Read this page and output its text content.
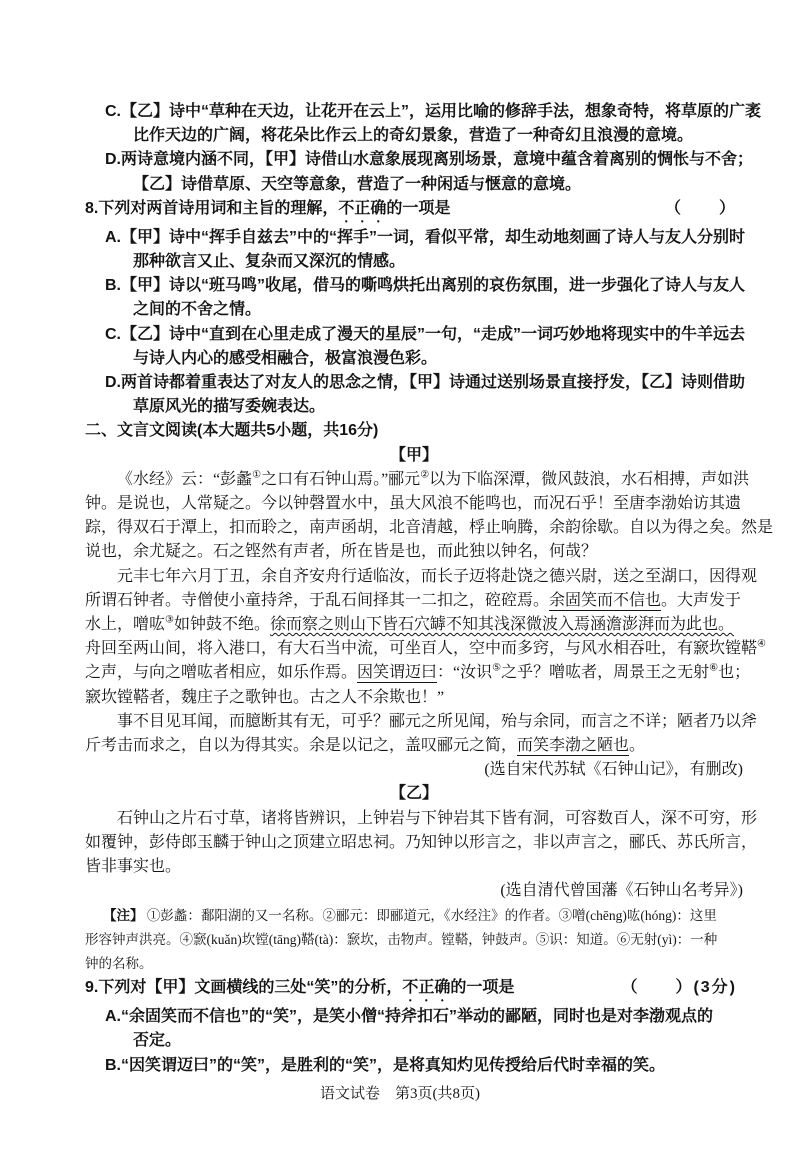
C.【乙】诗中“草种在天边，让花开在云上”，运用比喻的修辞手法，想象奇特，将草原的广袤
比作天边的广阔，将花朵比作云上的奇幻景象，营造了一种奇幻且浪漫的意境。
D.两诗意境内涵不同，【甲】诗借山水意象展现离别场景，意境中蕴含着离别的惆怅与不舍；
【乙】诗借草原、天空等意象，营造了一种闲适与惬意的意境。
8.下列对两首诗用词和主旨的理解，不正确的一项是	（　　）
A.【甲】诗中“挥手自兹去”中的“挥手”一词，看似平常，却生动地刻画了诗人与友人分别时
那种欲言又止、复杂而又深沉的情感。
B.【甲】诗以“班马鸣”收尾，借马的嘶鸣烘托出离别的哀伤氛围，进一步强化了诗人与友人
之间的不舍之情。
C.【乙】诗中“直到在心里走成了漫天的星辰”一句，“走成”一词巧妙地将现实中的牛羊远去
与诗人内心的感受相融合，极富浪漫色彩。
D.两首诗都着重表达了对友人的思念之情，【甲】诗通过送别场景直接抒发，【乙】诗则借助
草原风光的描写委婉表达。
二、文言文阅读(本大题共5小题，共16分)
【甲】
《水经》云：“彭蠡①之口有石钟山焉。”郦元②以为下临深潭，微风鼓浪，水石相搏，声如洪
钟。是说也，人常疑之。今以钟磬置水中，虽大风浪不能鸣也，而况石乎！至唐李渤始访其遗
踪，得双石于潭上，扣而聆之，南声函胡，北音清越，桴止响腾，余韵徐歇。自以为得之矣。然是
说也，余尤疑之。石之铿然有声者，所在皆是也，而此独以钟名，何哉？
元丰七年六月丁丑，余自齐安舟行适临汝，而长子迈将赴饶之德兴尉，送之至湖口，因得观
所谓石钟者。寺僧使小童持斧，于乱石间择其一二扣之，硿硿焉。余固笑而不信也。大声发于
水上，噌吰③如钟鼓不绝。徐而察之则山下皆石穴罅不知其浅深微波入焉涵澹澎湃而为此也。
舟回至两山间，将入港口，有大石当中流，可坐百人，空中而多窍，与风水相吞吐，有窾坎镗鞳④
之声，与向之噌吰者相应，如乐作焉。因笑谓迈曰：“汝识⑤之乎？噌吰者，周景王之无射⑥也；
窾坎镗鞳者，魏庄子之歌钟也。古之人不余欺也！”
事不目见耳闻，而臆断其有无，可乎？郦元之所见闻，殆与余同，而言之不详；陋者乃以斧
斤考击而求之，自以为得其实。余是以记之，盖叹郦元之简，而笑李渤之陋也。
(选自宋代苏轼《石钟山记》，有删改)
【乙】
石钟山之片石寸草，诸将皆辨识，上钟岩与下钟岩其下皆有洞，可容数百人，深不可穷，形
如覆钟，彭侍郎玉麟于钟山之顶建立昭忠祠。乃知钟以形言之，非以声言之，郦氏、苏氏所言，
皆非事实也。
(选自清代曾国藩《石钟山名考异》)
【注】 ①彭蠡：鄱阳湖的又一名称。②郦元：即郦道元，《水经注》的作者。③噌(chēng)吰(hóng)：这里
形容钟声洪亮。④窾(kuǎn)坎镗(tāng)鞳(tà)：窾坎，击物声。镗鞳，钟鼓声。⑤识：知道。⑥无射(yì)：一种
钟的名称。
9.下列对【甲】文画横线的三处“笑”的分析，不正确的一项是	（　　）(3分)
A.“余固笑而不信也”的“笑”，是笑小僧“持斧扣石”举动的鄙陋，同时也是对李渤观点的
否定。
B.“因笑谓迈曰”的“笑”，是胜利的“笑”，是将真知灼见传授给后代时幸福的笑。
语文试卷　第3页(共8页)
